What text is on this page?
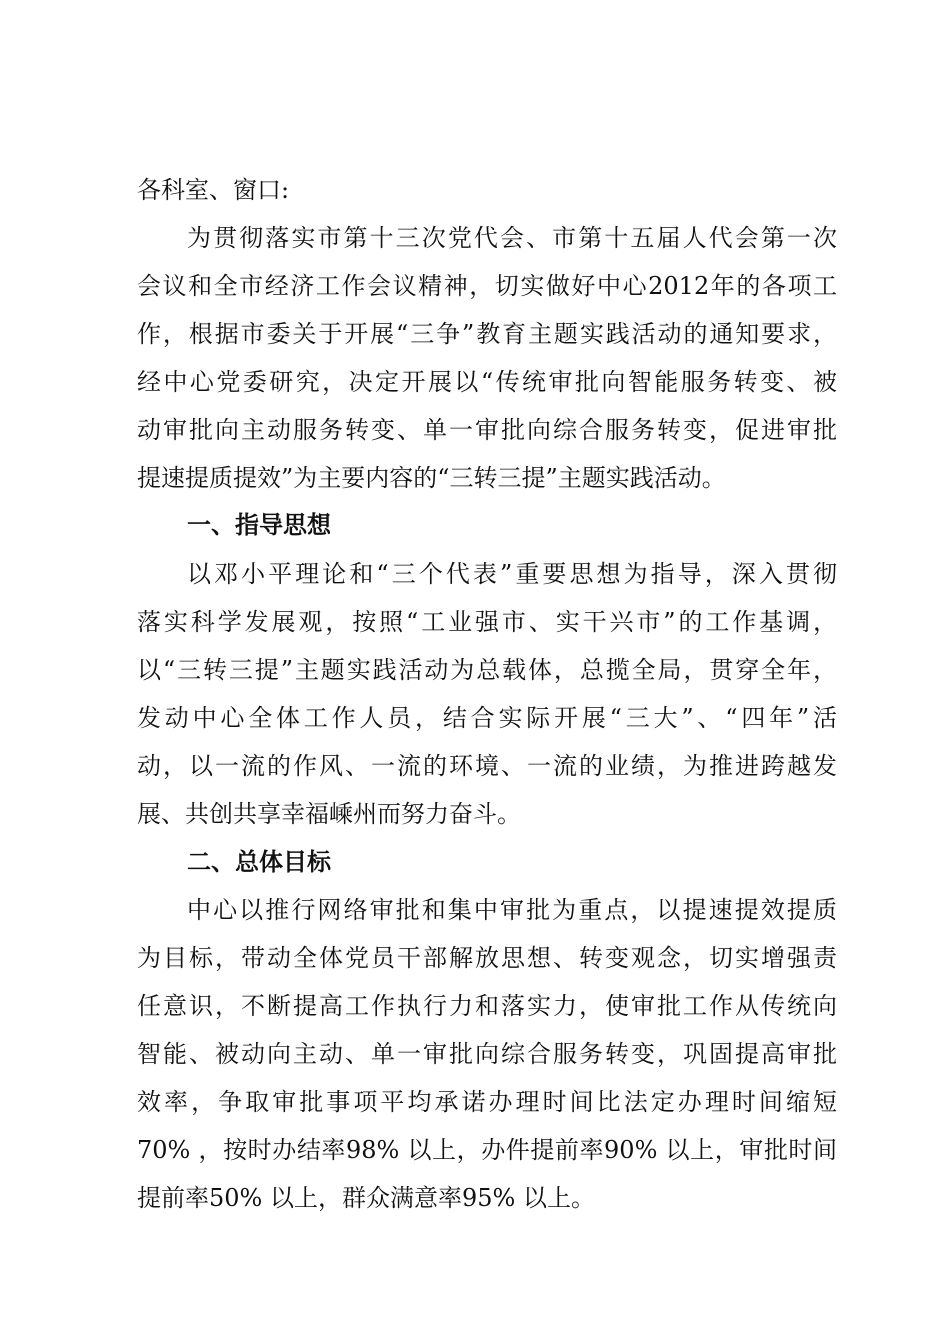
各科室、窗口:
为贯彻落实市第十三次党代会、市第十五届人代会第一次
会议和全市经济工作会议精神，切实做好中心2012年的各项工
作，根据市委关于开展“三争”教育主题实践活动的通知要求，
经中心党委研究，决定开展以“传统审批向智能服务转变、被
动审批向主动服务转变、单一审批向综合服务转变，促进审批
提速提质提效”为主要内容的“三转三提”主题实践活动。
一、指导思想
以邓小平理论和“三个代表”重要思想为指导，深入贯彻
落实科学发展观，按照“工业强市、实干兴市”的工作基调，
以“三转三提”主题实践活动为总载体，总揽全局，贯穿全年，
发动中心全体工作人员，结合实际开展“三大”、“四年”活
动，以一流的作风、一流的环境、一流的业绩，为推进跨越发
展、共创共享幸福嵊州而努力奋斗。
二、总体目标
中心以推行网络审批和集中审批为重点，以提速提效提质
为目标，带动全体党员干部解放思想、转变观念，切实增强责
任意识，不断提高工作执行力和落实力，使审批工作从传统向
智能、被动向主动、单一审批向综合服务转变，巩固提高审批
效率，争取审批事项平均承诺办理时间比法定办理时间缩短
70% ，按时办结率98% 以上，办件提前率90% 以上，审批时间
提前率50% 以上，群众满意率95% 以上。
